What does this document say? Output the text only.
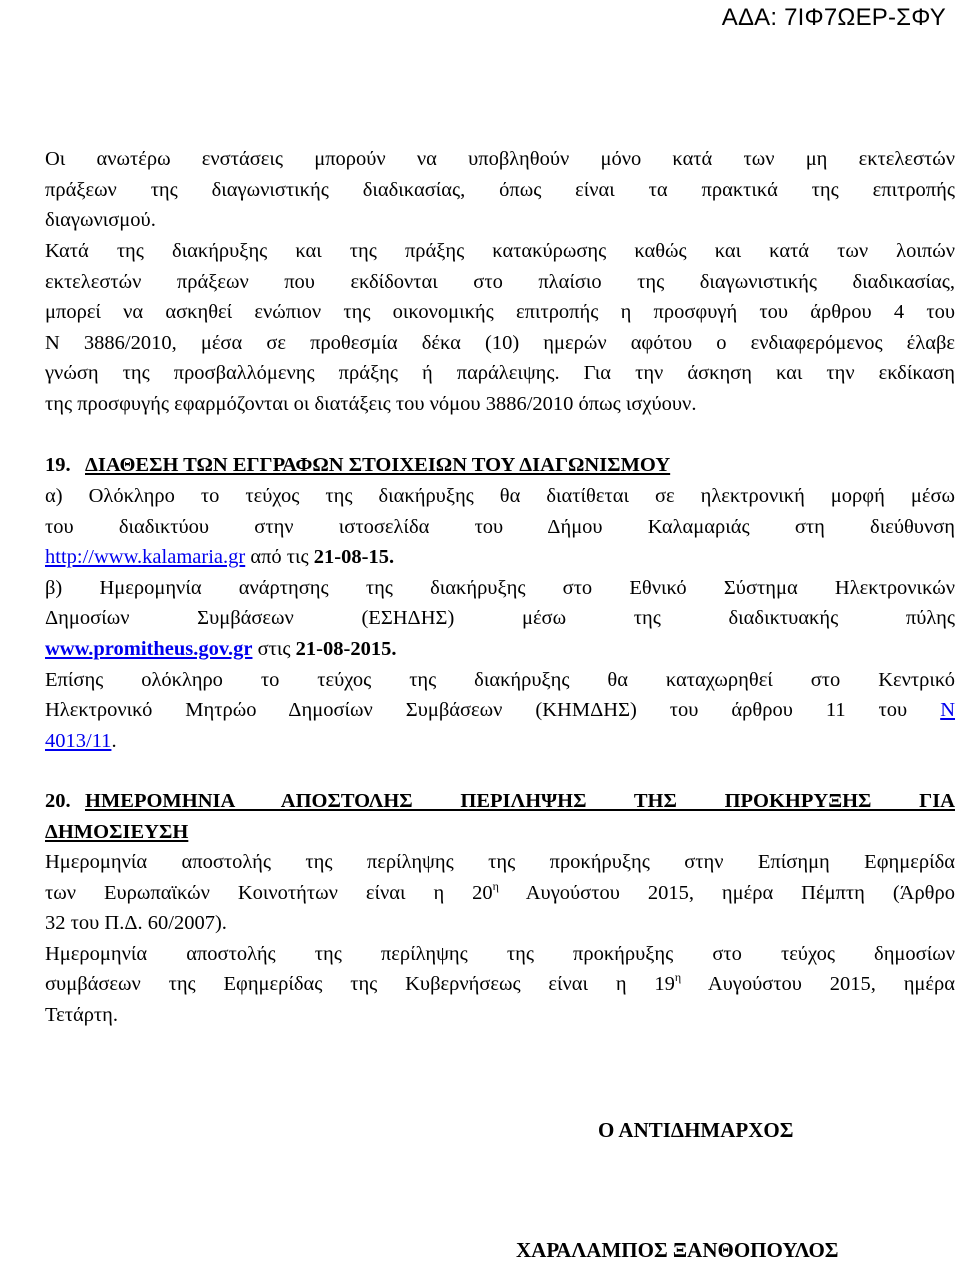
ΑΔΑ: 7ΙΦ7ΩΕΡ-ΣΦΥ
Οι ανωτέρω ενστάσεις μπορούν να υποβληθούν μόνο κατά των μη εκτελεστών
πράξεων της διαγωνιστικής διαδικασίας, όπως είναι τα πρακτικά της επιτροπής
διαγωνισμού.
Κατά της διακήρυξης και της πράξης κατακύρωσης καθώς και κατά των λοιπών
εκτελεστών πράξεων που εκδίδονται στο πλαίσιο της διαγωνιστικής διαδικασίας,
μπορεί να ασκηθεί ενώπιον της οικονομικής επιτροπής η προσφυγή του άρθρου 4 του
Ν 3886/2010, μέσα σε προθεσμία δέκα (10) ημερών αφότου ο ενδιαφερόμενος έλαβε
γνώση της προσβαλλόμενης πράξης ή παράλειψης. Για την άσκηση και την εκδίκαση
της προσφυγής εφαρμόζονται οι διατάξεις του νόμου 3886/2010 όπως ισχύουν.
19. ΔΙΑΘΕΣΗ ΤΩΝ ΕΓΓΡΑΦΩΝ ΣΤΟΙΧΕΙΩΝ ΤΟΥ ΔΙΑΓΩΝΙΣΜΟΥ
α) Ολόκληρο το τεύχος της διακήρυξης θα διατίθεται σε ηλεκτρονική μορφή μέσω
του διαδικτύου στην ιστοσελίδα του Δήμου Καλαμαριάς στη διεύθυνση
http://www.kalamaria.gr από τις 21-08-15.
β) Ημερομηνία ανάρτησης της διακήρυξης στο Εθνικό Σύστημα Ηλεκτρονικών
Δημοσίων Συμβάσεων (ΕΣΗΔΗΣ) μέσω της διαδικτυακής πύλης
www.promitheus.gov.gr στις 21-08-2015.
Επίσης ολόκληρο το τεύχος της διακήρυξης θα καταχωρηθεί στο Κεντρικό
Ηλεκτρονικό Μητρώο Δημοσίων Συμβάσεων (ΚΗΜΔΗΣ) του άρθρου 11 του Ν
4013/11.
20. ΗΜΕΡΟΜΗΝΙΑ ΑΠΟΣΤΟΛΗΣ ΠΕΡΙΛΗΨΗΣ ΤΗΣ ΠΡΟΚΗΡΥΞΗΣ ΓΙΑ
ΔΗΜΟΣΙΕΥΣΗ
Ημερομηνία αποστολής της περίληψης της προκήρυξης στην Επίσημη Εφημερίδα
των Ευρωπαϊκών Κοινοτήτων είναι η $20^\eta$ Αυγούστου 2015, ημέρα Πέμπτη (Άρθρο
32 του Π.Δ. 60/2007).
Ημερομηνία αποστολής της περίληψης της προκήρυξης στο τεύχος δημοσίων
συμβάσεων της Εφημερίδας της Κυβερνήσεως είναι η $19^\eta$ Αυγούστου 2015, ημέρα
Τετάρτη.
Ο ΑΝΤΙΔΗΜΑΡΧΟΣ
ΧΑΡΑΛΑΜΠΟΣ ΞΑΝΘΟΠΟΥΛΟΣ
